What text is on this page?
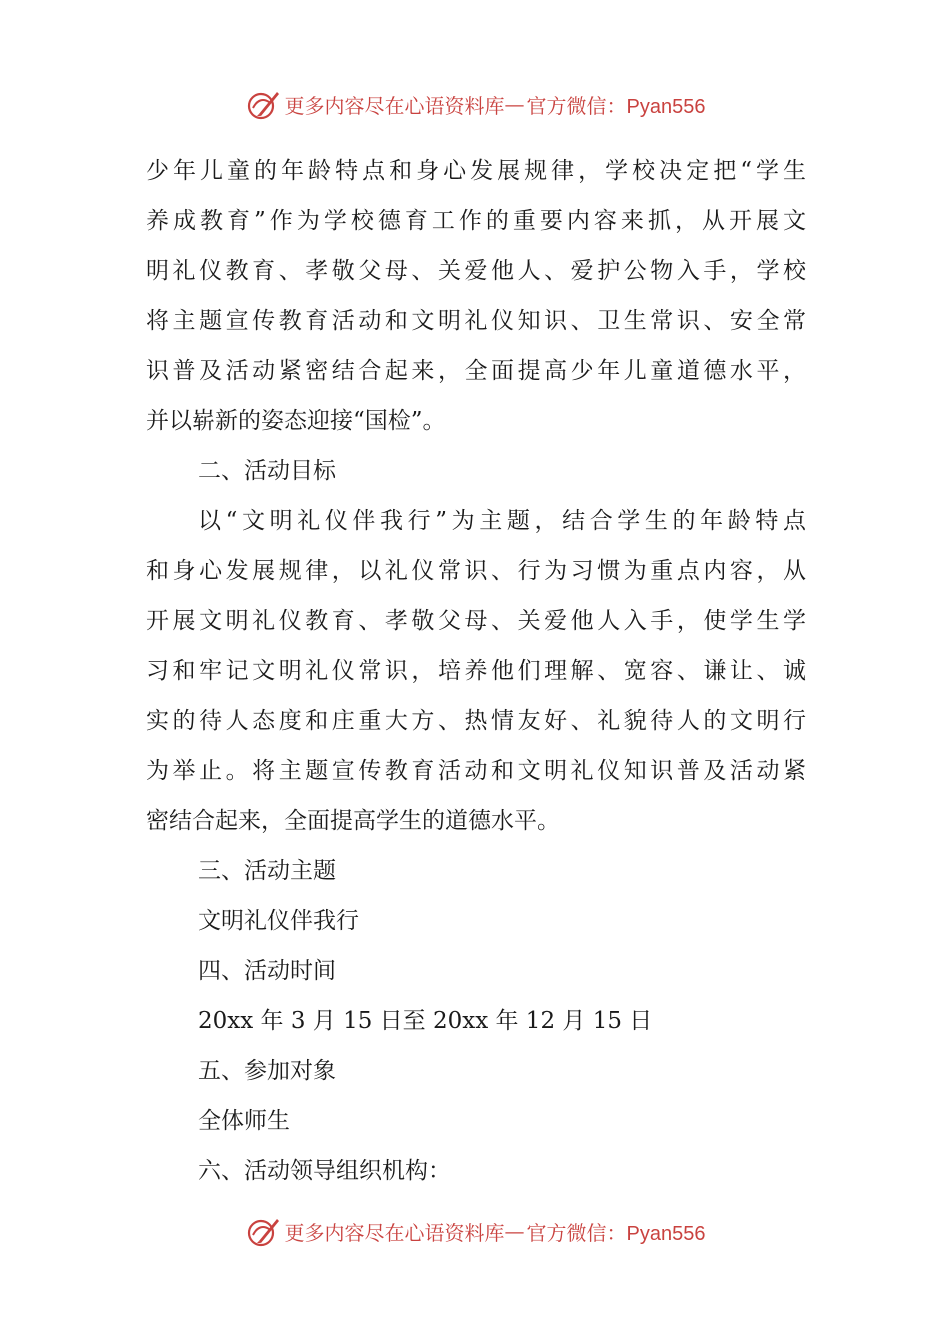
更多内容尽在心语资料库 — 官方微信：Pyan556
少年儿童的年龄特点和身心发展规律，学校决定把“学生
养成教育”作为学校德育工作的重要内容来抓，从开展文
明礼仪教育、孝敬父母、关爱他人、爱护公物入手，学校
将主题宣传教育活动和文明礼仪知识、卫生常识、安全常
识普及活动紧密结合起来，全面提高少年儿童道德水平，
并以崭新的姿态迎接“国检”。
二、活动目标
以“文明礼仪伴我行”为主题，结合学生的年龄特点
和身心发展规律，以礼仪常识、行为习惯为重点内容，从
开展文明礼仪教育、孝敬父母、关爱他人入手，使学生学
习和牢记文明礼仪常识，培养他们理解、宽容、谦让、诚
实的待人态度和庄重大方、热情友好、礼貌待人的文明行
为举止。将主题宣传教育活动和文明礼仪知识普及活动紧
密结合起来，全面提高学生的道德水平。
三、活动主题
文明礼仪伴我行
四、活动时间
20xx 年 3 月 15 日至 20xx 年 12 月 15 日
五、参加对象
全体师生
六、活动领导组织机构：
更多内容尽在心语资料库 — 官方微信：Pyan556
